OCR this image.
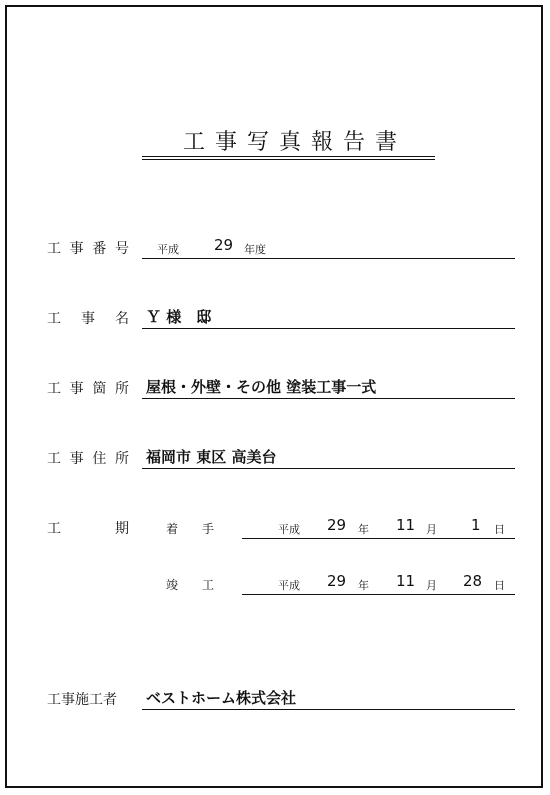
工事写真報告書
工 事 番 号	平成 29 年度
工 事 名 Ｙ 様　邸
工 事 箇 所 屋根・外壁・その他 塗装工事一式
工 事 住 所 福岡市 東区 高美台
工	期	着　　手	平成 29 年 11 月 1 日
竣　　工	平成 29 年 11 月 28 日
工事施工者 ベストホーム株式会社
